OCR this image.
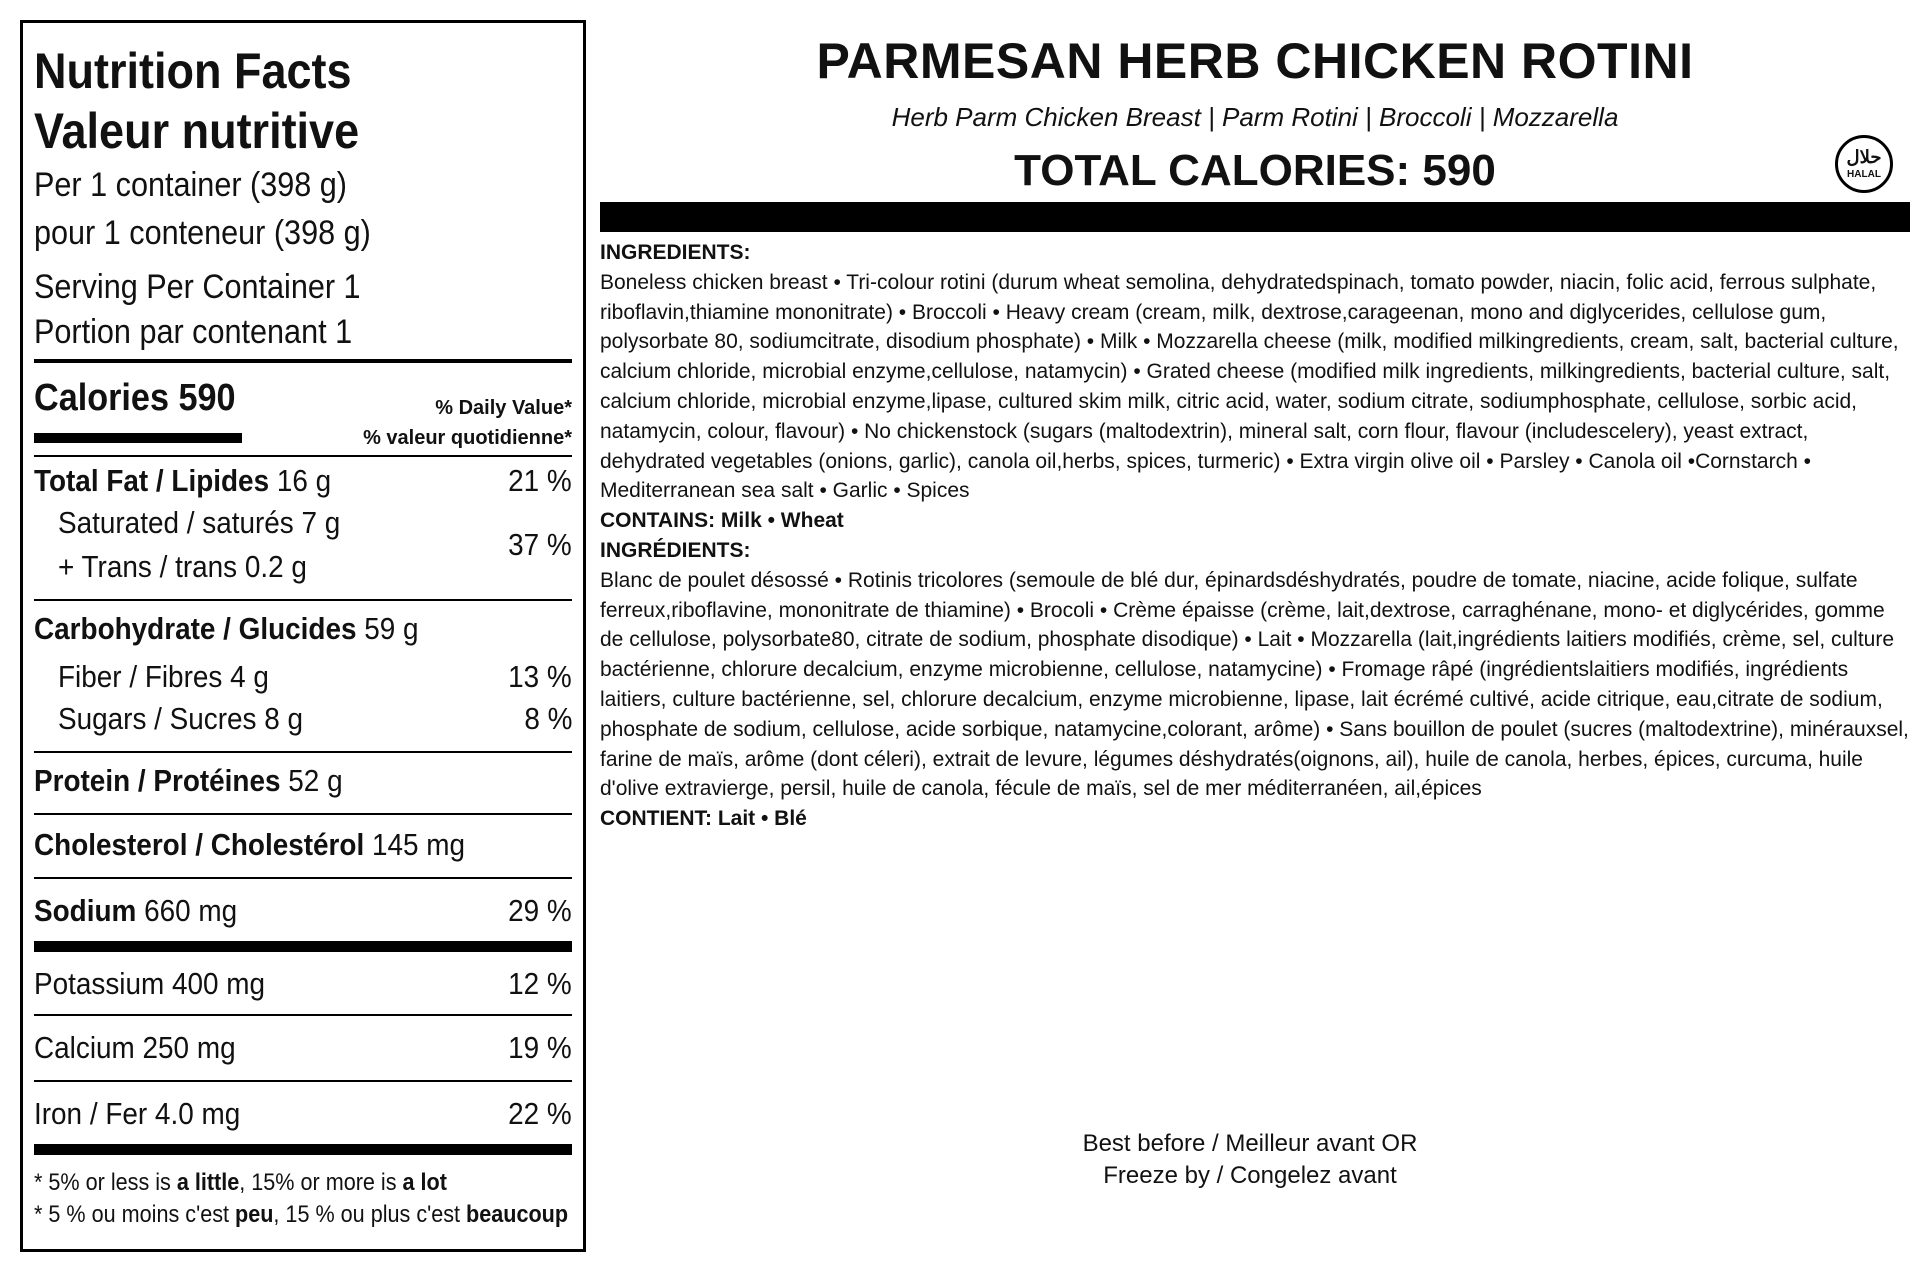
Nutrition Facts
Valeur nutritive
Per 1 container (398 g)
pour 1 conteneur (398 g)
Serving Per Container 1
Portion par contenant 1
Calories 590	% Daily Value*
% valeur quotidienne*
Total Fat / Lipides 16 g	21 %
Saturated / saturés 7 g
+ Trans / trans 0.2 g
37 %
Carbohydrate / Glucides 59 g
Fiber / Fibres 4 g	13 %
Sugars / Sucres 8 g	8 %
Protein / Protéines 52 g
Cholesterol / Cholestérol 145 mg
Sodium 660 mg	29 %
Potassium 400 mg	12 %
Calcium 250 mg	19 %
Iron / Fer 4.0 mg	22 %
* 5% or less is a little, 15% or more is a lot
* 5 % ou moins c'est peu, 15 % ou plus c'est beaucoup
PARMESAN HERB CHICKEN ROTINI
Herb Parm Chicken Breast | Parm Rotini | Broccoli | Mozzarella
TOTAL CALORIES: 590	حلال
HALAL

INGREDIENTS:

Boneless chicken breast • Tri-colour rotini (durum wheat semolina, dehydratedspinach, tomato powder, niacin, folic acid, ferrous sulphate, riboflavin,thiamine mononitrate) • Broccoli • Heavy cream (cream, milk, dextrose,carageenan, mono and diglycerides, cellulose gum, polysorbate 80, sodiumcitrate, disodium phosphate) • Milk • Mozzarella cheese (milk, modified milkingredients, cream, salt, bacterial culture, calcium chloride, microbial enzyme,cellulose, natamycin) • Grated cheese (modified milk ingredients, milkingredients, bacterial culture, salt, calcium chloride, microbial enzyme,lipase, cultured skim milk, citric acid, water, sodium citrate, sodiumphosphate, cellulose, sorbic acid, natamycin, colour, flavour) • No chickenstock (sugars (maltodextrin), mineral salt, corn flour, flavour (includescelery), yeast extract, dehydrated vegetables (onions, garlic), canola oil,herbs, spices, turmeric) • Extra virgin olive oil • Parsley • Canola oil •Cornstarch • Mediterranean sea salt • Garlic • Spices

CONTAINS: Milk • Wheat

INGRÉDIENTS:

Blanc de poulet désossé • Rotinis tricolores (semoule de blé dur, épinardsdéshydratés, poudre de tomate, niacine, acide folique, sulfate ferreux,riboflavine, mononitrate de thiamine) • Brocoli • Crème épaisse (crème, lait,dextrose, carraghénane, mono- et diglycérides, gomme de cellulose, polysorbate80, citrate de sodium, phosphate disodique) • Lait • Mozzarella (lait,ingrédients laitiers modifiés, crème, sel, culture bactérienne, chlorure decalcium, enzyme microbienne, cellulose, natamycine) • Fromage râpé (ingrédientslaitiers modifiés, ingrédients laitiers, culture bactérienne, sel, chlorure decalcium, enzyme microbienne, lipase, lait écrémé cultivé, acide citrique, eau,citrate de sodium, phosphate de sodium, cellulose, acide sorbique, natamycine,colorant, arôme) • Sans bouillon de poulet (sucres (maltodextrine), minérauxsel, farine de maïs, arôme (dont céleri), extrait de levure, légumes déshydratés(oignons, ail), huile de canola, herbes, épices, curcuma, huile d'olive extravierge, persil, huile de canola, fécule de maïs, sel de mer méditerranéen, ail,épices

CONTIENT: Lait • Blé

Best before / Meilleur avant OR
Freeze by / Congelez avant
